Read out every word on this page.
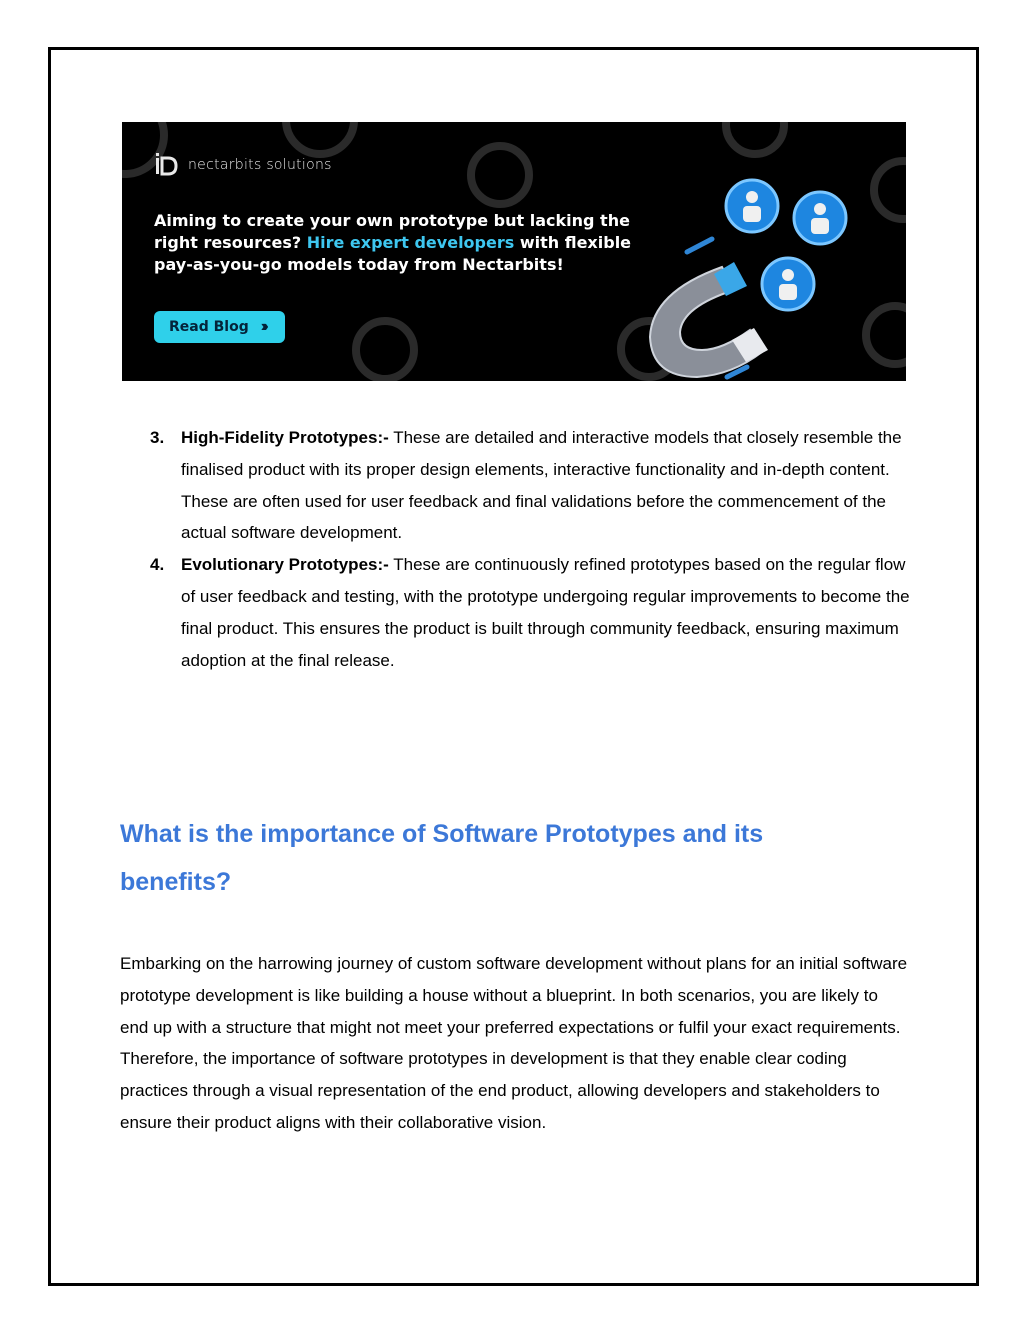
nectarbits solutions
Aiming to create your own prototype but lacking the right resources? Hire expert developers with flexible pay-as-you-go models today from Nectarbits!
Read Blog ›››
3. High-Fidelity Prototypes:- These are detailed and interactive models that closely resemble the finalised product with its proper design elements, interactive functionality and in-depth content. These are often used for user feedback and final validations before the commencement of the actual software development.
4. Evolutionary Prototypes:- These are continuously refined prototypes based on the regular flow of user feedback and testing, with the prototype undergoing regular improvements to become the final product. This ensures the product is built through community feedback, ensuring maximum adoption at the final release.
What is the importance of Software Prototypes and its benefits?

Embarking on the harrowing journey of custom software development without plans for an initial software prototype development is like building a house without a blueprint. In both scenarios, you are likely to end up with a structure that might not meet your preferred expectations or fulfil your exact requirements. Therefore, the importance of software prototypes in development is that they enable clear coding practices through a visual representation of the end product, allowing developers and stakeholders to ensure their product aligns with their collaborative vision.
